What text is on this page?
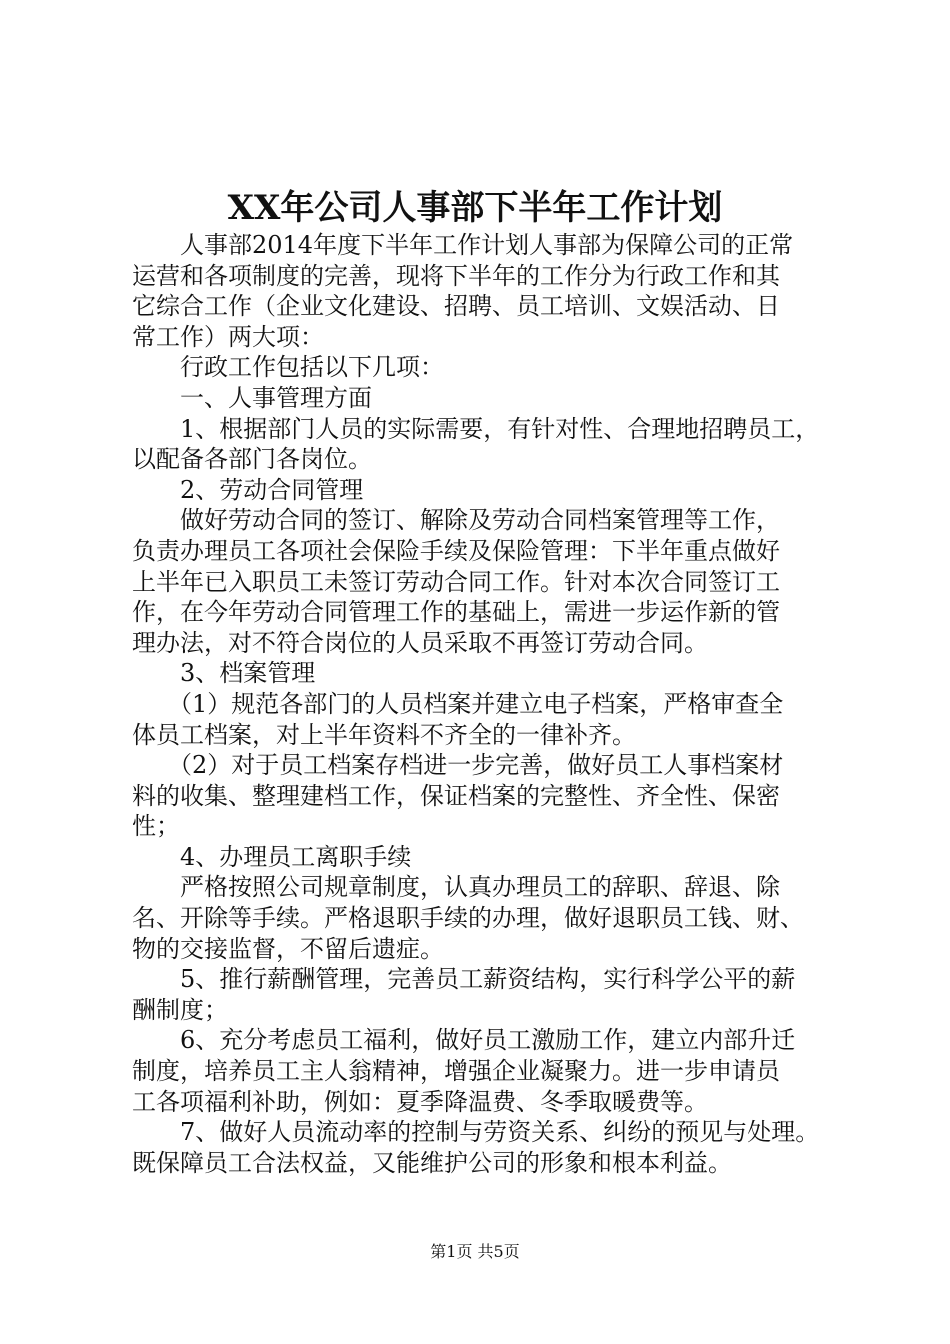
XX年公司人事部下半年工作计划
　　人事部2014年度下半年工作计划人事部为保障公司的正常
运营和各项制度的完善，现将下半年的工作分为行政工作和其
它综合工作（企业文化建设、招聘、员工培训、文娱活动、日
常工作）两大项：
　　行政工作包括以下几项：
　　一、人事管理方面
　　1、根据部门人员的实际需要，有针对性、合理地招聘员工，
以配备各部门各岗位。
　　2、劳动合同管理
　　做好劳动合同的签订、解除及劳动合同档案管理等工作，
负责办理员工各项社会保险手续及保险管理：下半年重点做好
上半年已入职员工未签订劳动合同工作。针对本次合同签订工
作，在今年劳动合同管理工作的基础上，需进一步运作新的管
理办法，对不符合岗位的人员采取不再签订劳动合同。
　　3、档案管理
　　（1）规范各部门的人员档案并建立电子档案，严格审查全
体员工档案，对上半年资料不齐全的一律补齐。
　　（2）对于员工档案存档进一步完善，做好员工人事档案材
料的收集、整理建档工作，保证档案的完整性、齐全性、保密
性；
　　4、办理员工离职手续
　　严格按照公司规章制度，认真办理员工的辞职、辞退、除
名、开除等手续。严格退职手续的办理，做好退职员工钱、财、
物的交接监督，不留后遗症。
　　5、推行薪酬管理，完善员工薪资结构，实行科学公平的薪
酬制度；
　　6、充分考虑员工福利，做好员工激励工作，建立内部升迁
制度，培养员工主人翁精神，增强企业凝聚力。进一步申请员
工各项福利补助，例如：夏季降温费、冬季取暖费等。
　　7、做好人员流动率的控制与劳资关系、纠纷的预见与处理。
既保障员工合法权益，又能维护公司的形象和根本利益。
第1页 共5页
